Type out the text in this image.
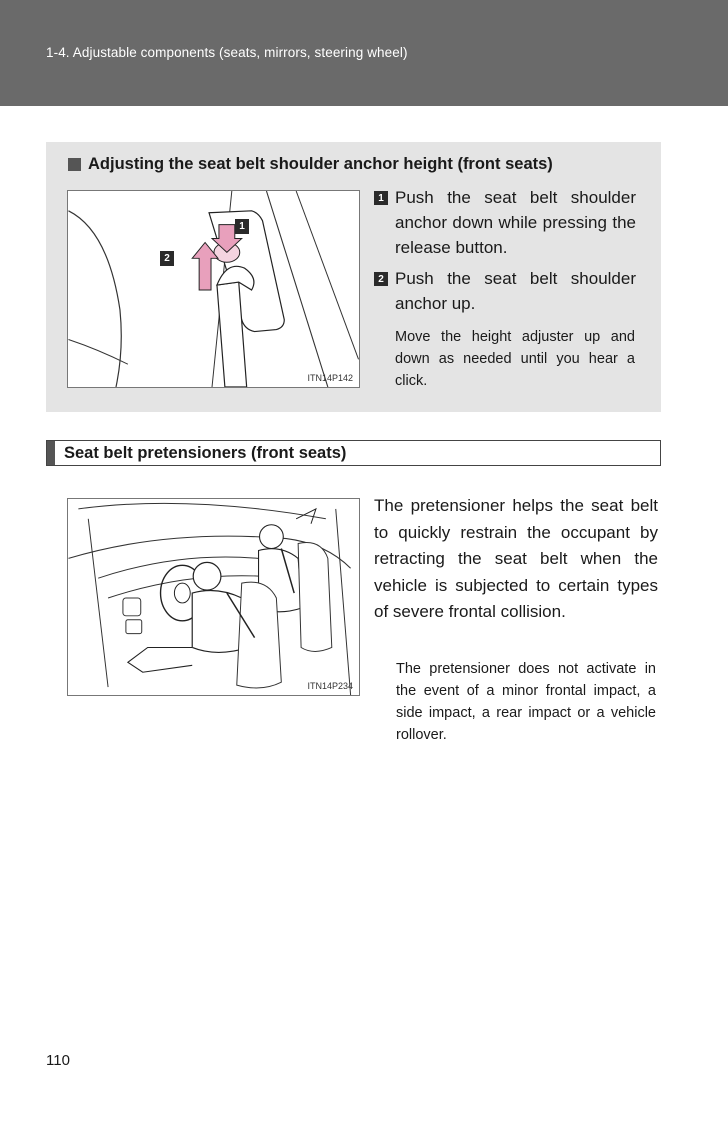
1-4. Adjustable components (seats, mirrors, steering wheel)
Adjusting the seat belt shoulder anchor height (front seats)
1
2
ITN14P142
1 Push the seat belt shoulder anchor down while pressing the release button.
2 Push the seat belt shoulder anchor up.
Move the height adjuster up and down as needed until you hear a click.
Seat belt pretensioners (front seats)
ITN14P234
The pretensioner helps the seat belt to quickly restrain the occupant by retracting the seat belt when the vehicle is subjected to certain types of severe frontal collision.
The pretensioner does not activate in the event of a minor frontal impact, a side impact, a rear impact or a vehicle rollover.
110
